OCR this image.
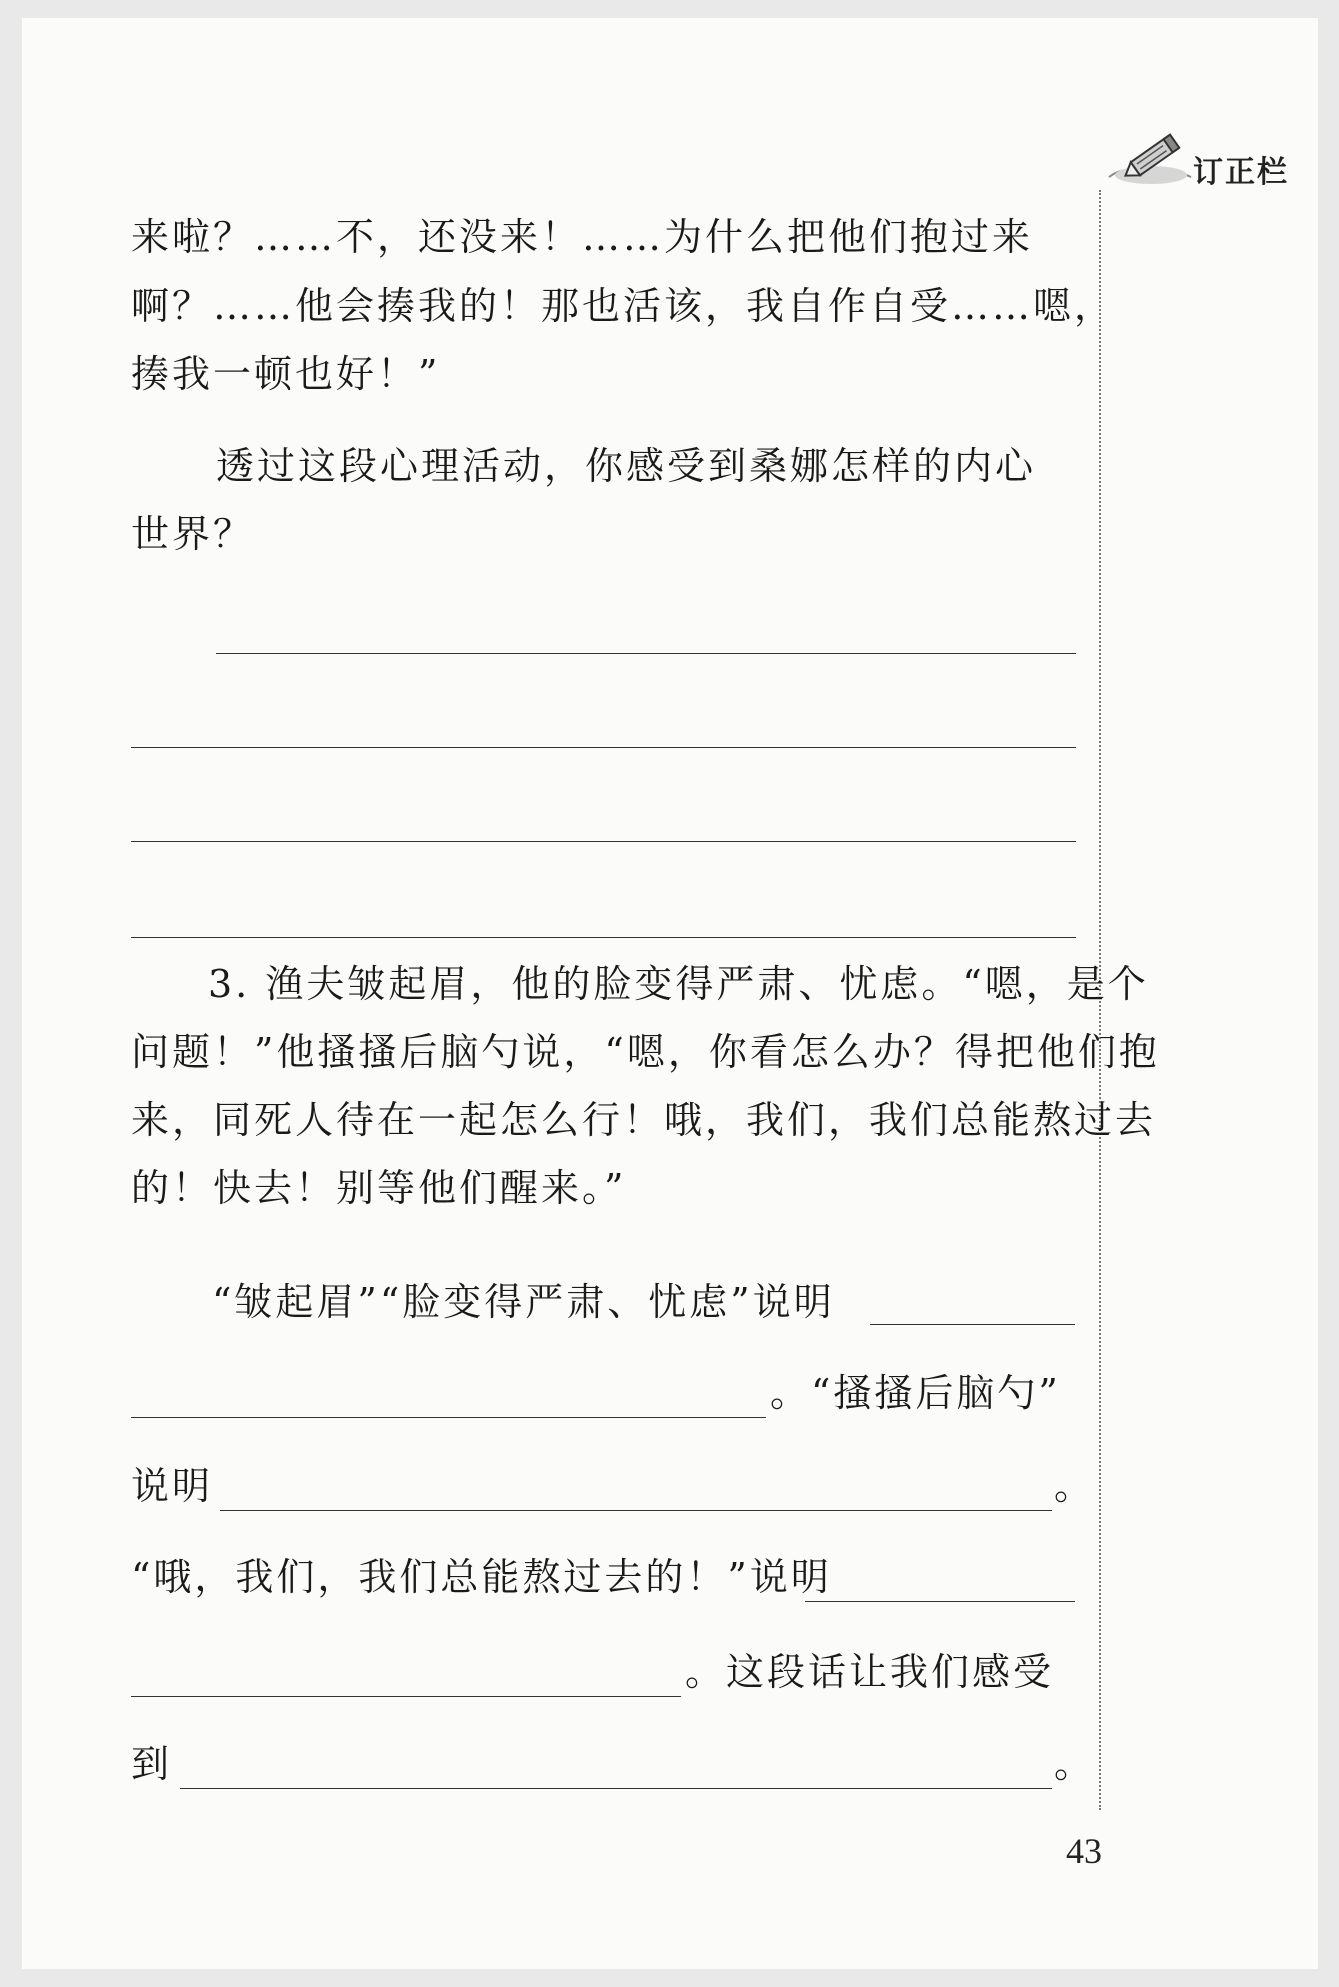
订正栏
来啦？……不，还没来！……为什么把他们抱过来
啊？……他会揍我的！那也活该，我自作自受……嗯，
揍我一顿也好！”
透过这段心理活动，你感受到桑娜怎样的内心
世界？
3. 渔夫皱起眉，他的脸变得严肃、忧虑。“嗯，是个
问题！”他搔搔后脑勺说，“嗯，你看怎么办？得把他们抱
来，同死人待在一起怎么行！哦，我们，我们总能熬过去
的！快去！别等他们醒来。”
“皱起眉”“脸变得严肃、忧虑”说明
。“搔搔后脑勺”
说明	。
“哦，我们，我们总能熬过去的！”说明
。这段话让我们感受
到	。
43
